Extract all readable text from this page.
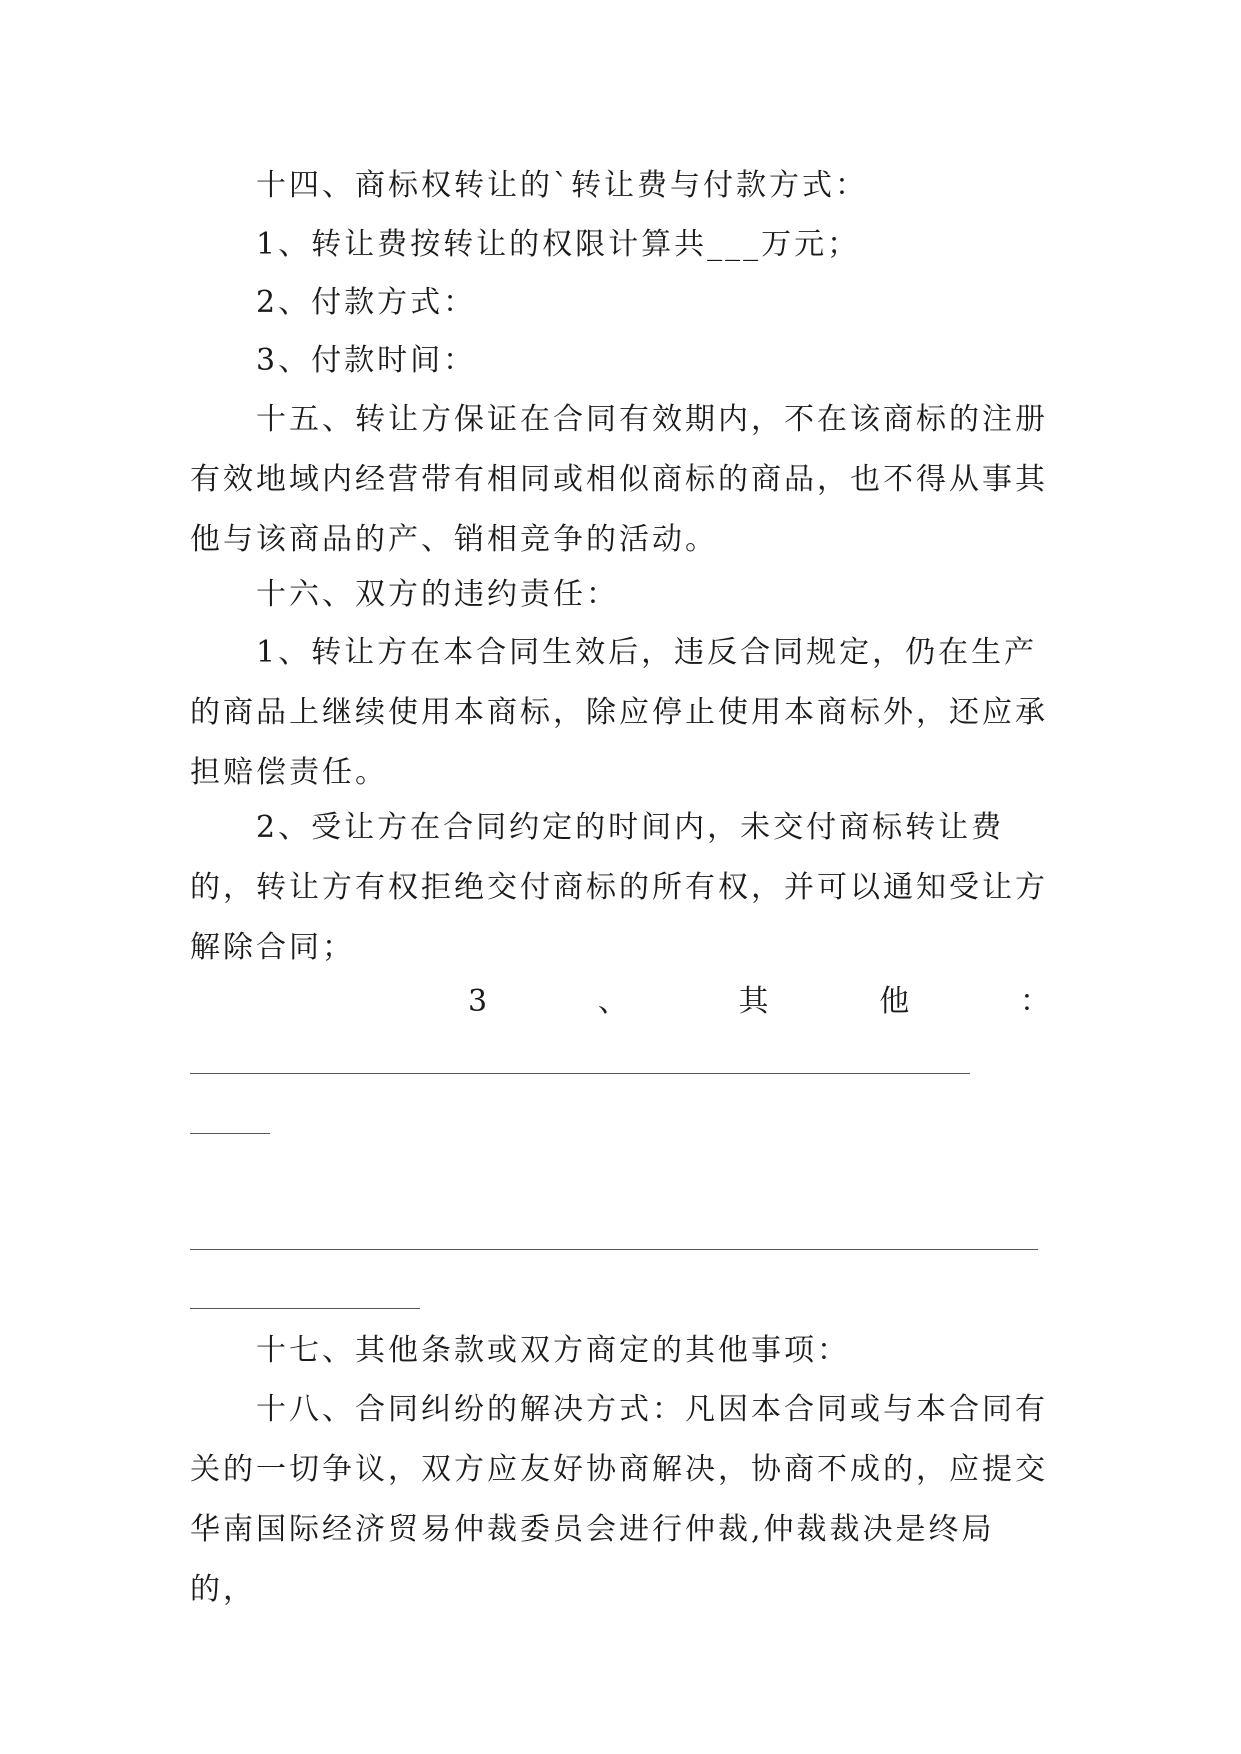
十四、商标权转让的`转让费与付款方式：

1、转让费按转让的权限计算共___万元；

2、付款方式：

3、付款时间：

十五、转让方保证在合同有效期内，不在该商标的注册有效地域内经营带有相同或相似商标的商品，也不得从事其他与该商品的产、销相竞争的活动。

十六、双方的违约责任：

1、转让方在本合同生效后，违反合同规定，仍在生产的商品上继续使用本商标，除应停止使用本商标外，还应承担赔偿责任。

2、受让方在合同约定的时间内，未交付商标转让费的，转让方有权拒绝交付商标的所有权，并可以通知受让方解除合同；

3	、	其	他	：

十七、其他条款或双方商定的其他事项：

十八、合同纠纷的解决方式：凡因本合同或与本合同有关的一切争议，双方应友好协商解决，协商不成的，应提交华南国际经济贸易仲裁委员会进行仲裁,仲裁裁决是终局的，
